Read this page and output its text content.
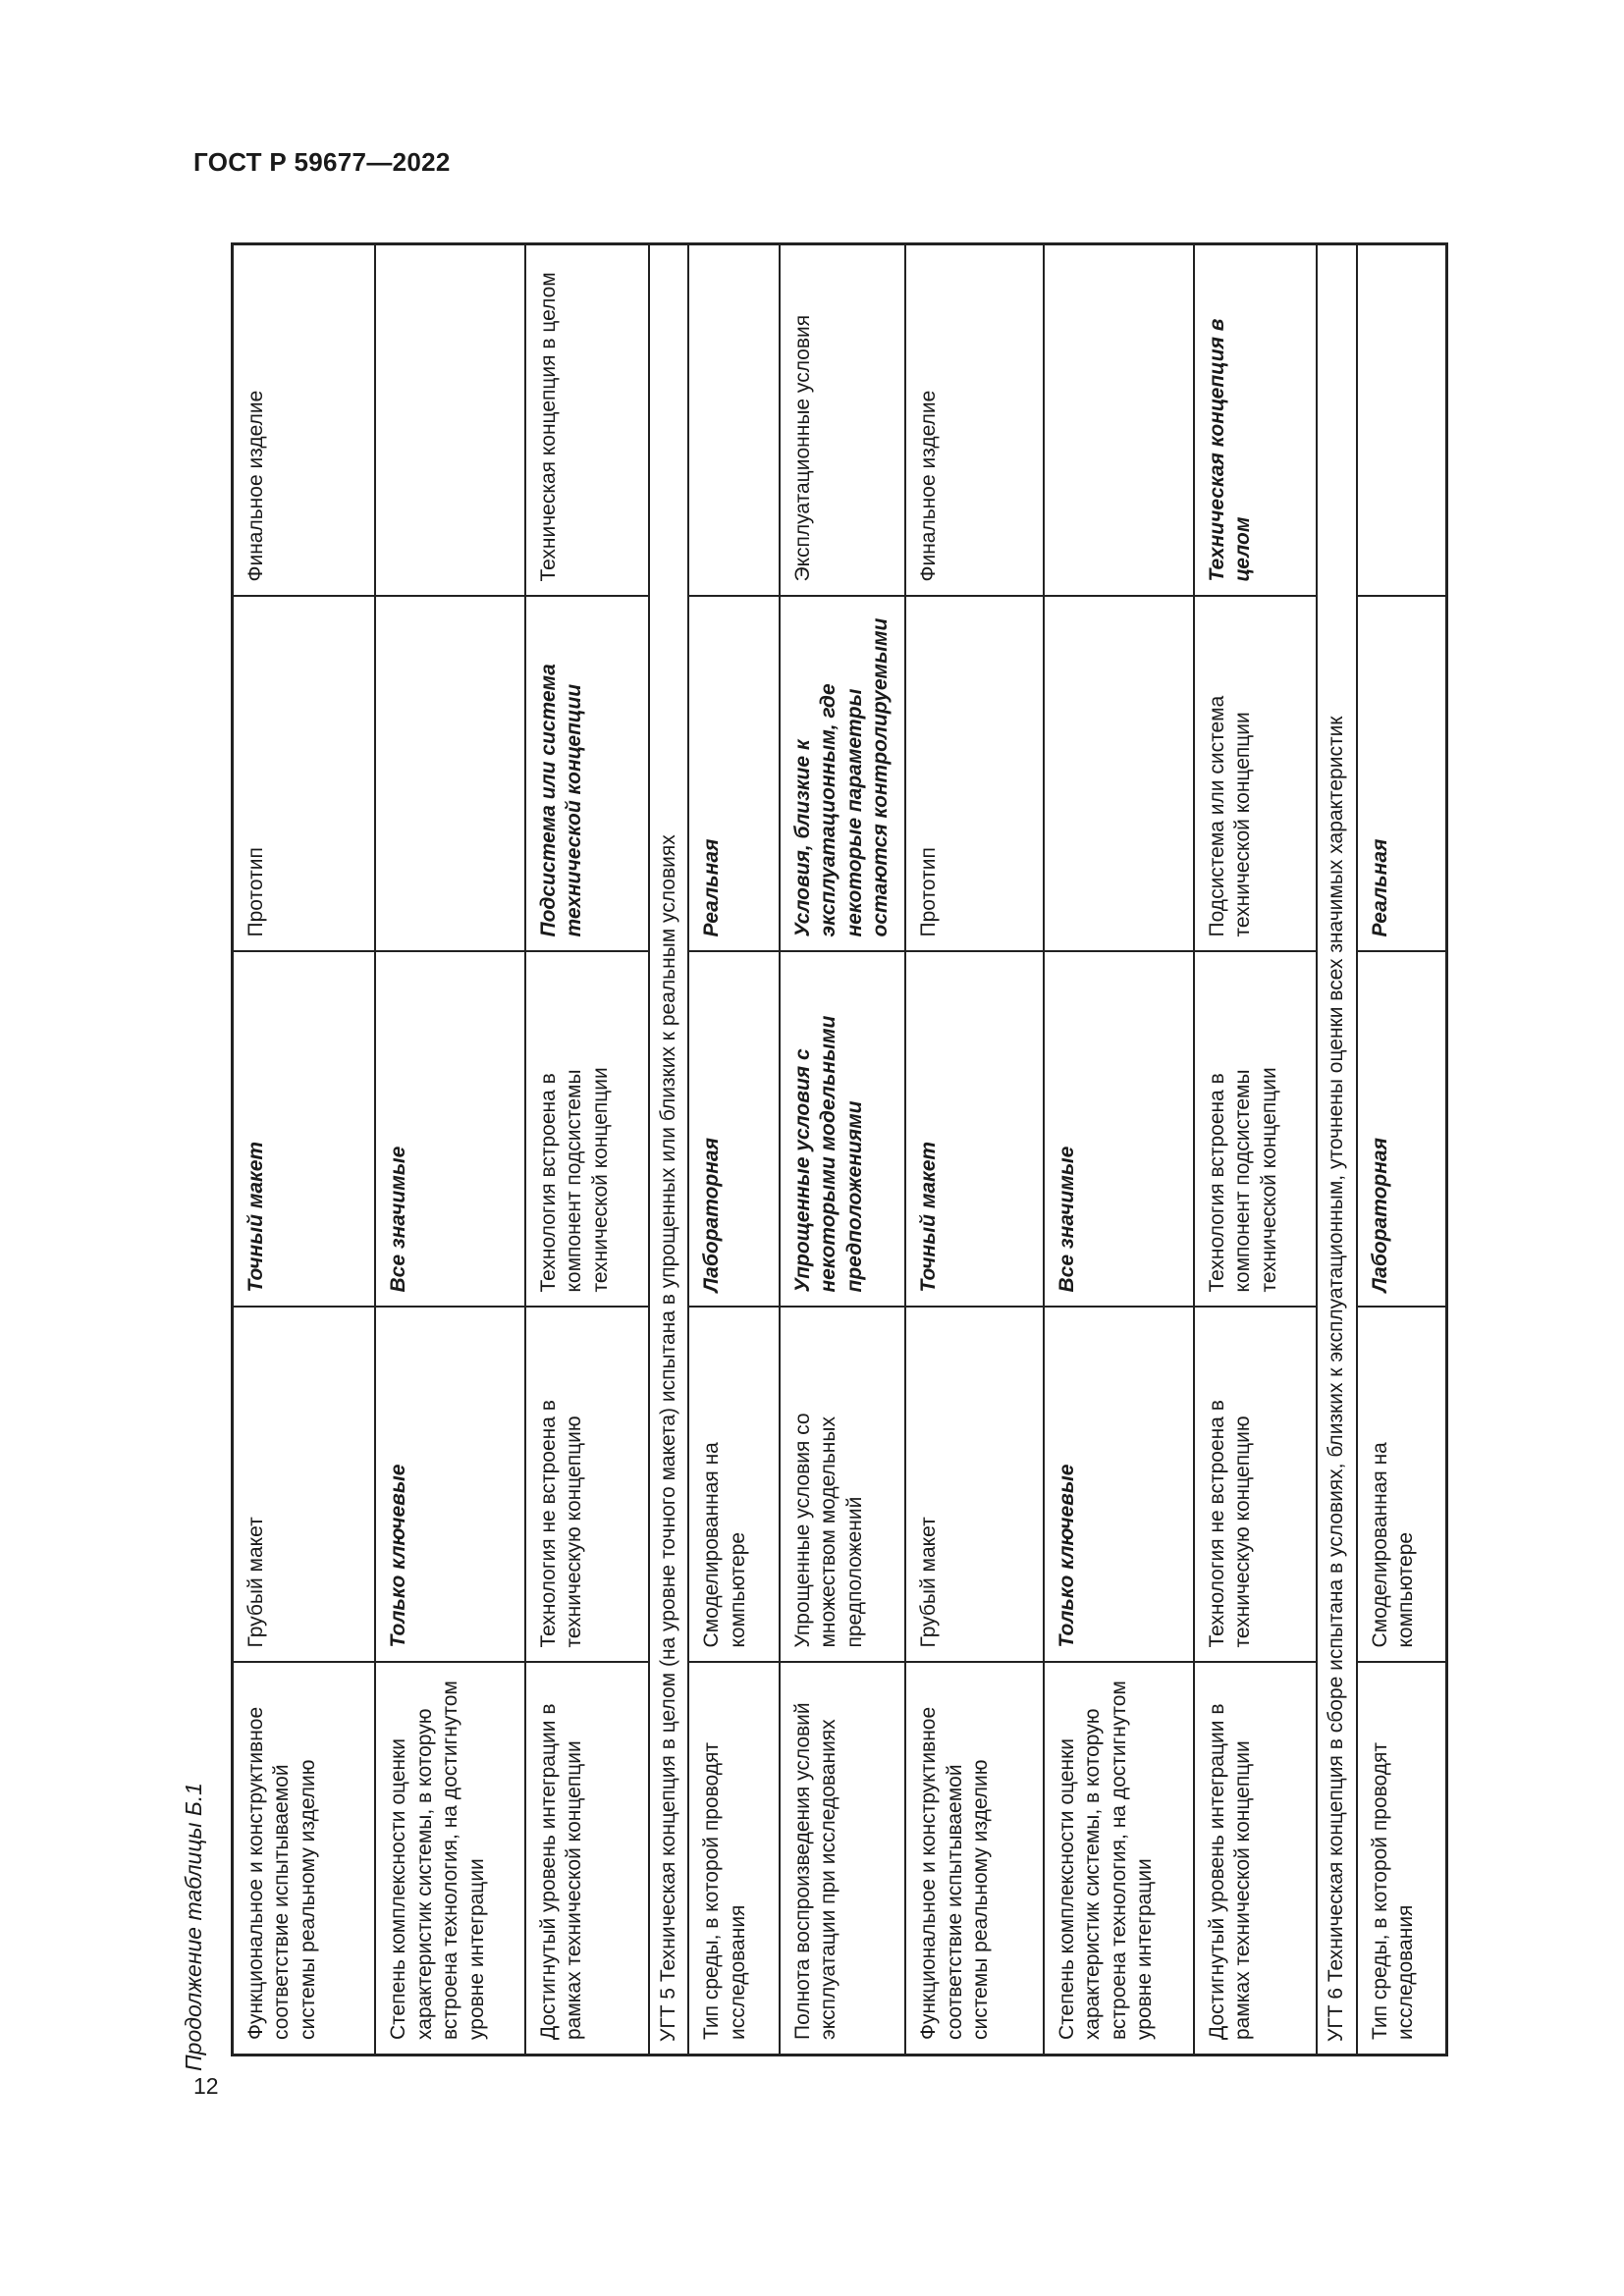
ГОСТ Р 59677—2022
Продолжение таблицы Б.1 Функциональное и конструктивное соответствие испытываемой системы реальному изделию	Грубый макет	Точный макет	Прототип	Финальное изделие
Степень комплексности оценки характеристик системы, в которую встроена технология, на достигнутом уровне интеграции	Только ключевые	Все значимые		
Достигнутый уровень интеграции в рамках технической концепции	Технология не встроена в техническую концепцию	Технология встроена в компонент подсистемы технической концепции	Подсистема или система технической концепции	Техническая концепция в целом
УГТ 5 Техническая концепция в целом (на уровне точного макета) испытана в упрощенных или близких к реальным условиях				
Тип среды, в которой проводят исследования	Смоделированная на компьютере	Лабораторная	Реальная	
Полнота воспроизведения условий эксплуатации при исследованиях	Упрощенные условия со множеством модельных предположений	Упрощенные условия с некоторыми модельными предположениями	Условия, близкие к эксплуатационным, где некоторые параметры остаются контролируемыми	Эксплуатационные условия
Функциональное и конструктивное соответствие испытываемой системы реальному изделию	Грубый макет	Точный макет	Прототип	Финальное изделие
Степень комплексности оценки характеристик системы, в которую встроена технология, на достигнутом уровне интеграции	Только ключевые	Все значимые		
Достигнутый уровень интеграции в рамках технической концепции	Технология не встроена в техническую концепцию	Технология встроена в компонент подсистемы технической концепции	Подсистема или система технической концепции	Техническая концепция в целом
УГТ 6 Техническая концепция в сборе испытана в условиях, близких к эксплуатационным, уточнены оценки всех значимых характеристик				
Тип среды, в которой проводят исследования	Смоделированная на компьютере	Лабораторная	Реальная	
12
